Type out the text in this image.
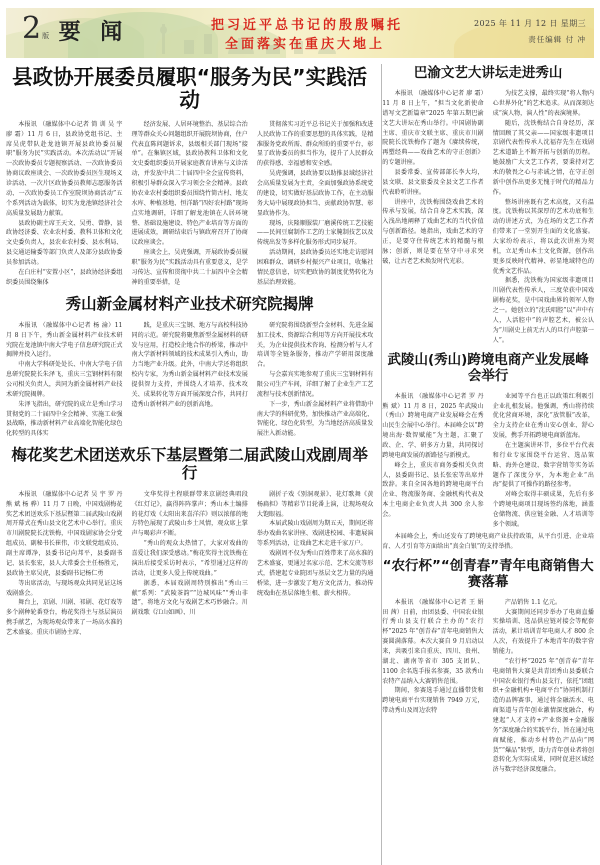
2 版 要 闻	把习近平总书记的殷殷嘱托
全面落实在重庆大地上
2025 年 11 月 12 日 星期三
责任编辑 付 冲
县政协开展委员履职“服务为民”实践活动

本报讯 （融媒体中心记者 简 训 吴 宇 廖 霜）11 月 6 日，县政协党组书记、主席吴虎带队赴龙池镇开展县政协委员履职“服务为民”实践活动。本次活动以“开展一次政协委员专题视察活动、一次政协委员协商议政座谈会、一次政协委员医生现场义诊活动、一次片区政协委员教师志愿服务活动、一次政协委员工作室院坝协商活动”五个系列活动为载体，切实为龙池镇经济社会高质量发展助力献策。

县政协副主席王天文、吴勇、曾静，县政协经济委、农业农村委、教科卫体和文化文史委负责人，县农业农村委、县水利局、县交通运输委等部门负责人及部分县政协委员参加活动。

在白庄村“安置小区”，县政协经济委组织委员围绕集体

经济发展、人居环境整治、基层综合治理等群众关心问题组织开展院坝协商，住户代表直陈问题诉求，县级相关部门现场“接单”。在集镇区域，县政协教科卫体和文化文史委组织委员开展家庭教育讲座与义诊活动，并发放中共二十届四中全会宣传资料，积极引导群众深入学习领会全会精神。县政协农业农村委组织委员围绕竹简古村、地友水库、种植基地、恒洋路“四好农村路”现场点实地调研，详细了解龙池镇在人居环境整、基础设施建设、特色产业培育等方面的进展成效，调研结束后与镇政府召开了协商议政座谈会。

座谈会上，吴虎强调，开展政协委员履职“服务为民”实践活动具有重要意义，是学习传达、宣传和贯彻中共二十届四中全会精神的重要举措，是

贯彻落实习近平总书记关于加强和改进人民政协工作的重要思想的具体实践，是精准服务党政所需、群众所盼的重要平台，彰显了政协委员的担当作为，提升了人民群众的获得感、幸福感和安全感。

吴虎强调，县政协要以助推县域经济社会高质量发展为主责，全面加强政协系统党的建设，切实做好基层政协工作，在主动服务大局中展现政协担当、贡献政协智慧、彰显政协作为。

现场，庆隆顺服装厂磨溪传统工艺技能——民间豆腐制作工艺的土家腌制技艺以及传统出发等多样化服务形式同步展开。

活动期间，县政协委员还实地走访慰问困难群众、调研乡村振兴产业项目，收集社情民意信息，切实把政协的制度优势转化为基层治理效能。

秀山新金属材料产业技术研究院揭牌

本报讯 （融媒体中心记者 杨 渝）11 月 8 日下午，秀山新金属材料产业技术研究院在龙池镇中南大学电子信息研究院正式揭牌并投入运行。

中南大学科研处处长、中南大学电子信息研究院院长朱泽飞，重庆三宝钢材料有限公司相关负责人，共同为新金属材料产业技术研究院揭牌。

朱泽飞指出，研究院的成立是秀山学习贯彻党的二十届四中全会精神、实施工业强县战略，推动新材料产业高端化智能化绿色化转型的具体实

践，是重庆三宝钢、地方与高校科技协同的示范。研究院将聚焦新型金属材料的研发与应用，打造校企地合作的桥梁，推动中南大学新材料领域的技术成果引入秀山，助力当地产业升级。此外，中南大学还将组织校内专家，为秀山新金属材料产业技术发展提供智力支持，并围绕人才培养、技术攻关、成果转化等方面开展深度合作，共同打造秀山新材料产业的创新高地。

研究院将围绕新型合金材料、先进金属加工技术、资源综合利用等方向开展技术攻关，为企业提供技术咨询、检测分析与人才培训等全链条服务，推动产学研用深度融合。

与会嘉宾实地参观了重庆三宝钢材料有限公司生产车间，详细了解了企业生产工艺流程与技术创新情况。

下一步，秀山新金属材料产业将借助中南大学的科研优势，加快推动产业高端化、智能化、绿色化转型，为当地经济高质量发展注入新动能。

梅花奖艺术团送欢乐下基层暨第二届武陵山戏剧周举行

本报讯 （融媒体中心记者 吴 宇 罗 丹 熊 斌 杨 骅）11 月 7 日晚，中国戏剧梅花奖艺术团送欢乐下基层暨第二届武陵山戏剧周开幕式在秀山县文化艺术中心举行。重庆市川剧院院长沈铁梅，中国戏剧家协会分党组成员、副秘书长崔伟，市文联党组成员、副主席谭净，县委书记向邦平，县委副书记、县长张宏，县人大常委会主任杨胜元，县政协主席吴虎，县委副书记杨仁勇

等出席活动，与现场观众共同见证这场戏剧盛会。

舞台上，京剧、川剧、祁剧、花灯戏等多个剧种轮番登台，梅花奖得主与基层演员携手献艺，为现场观众带来了一场高水准的艺术盛宴。重庆市剧协主席、

文华奖得主程联群带来京剧经典唱段《红灯记》，赢得阵阵掌声；秀山本土编排的花灯戏《太阳出来喜洋洋》则以浓郁的地方特色展现了武陵山乡土风情，观众席上掌声与喝彩声不断。

“秀山的观众太热情了，大家对戏曲的喜爱让我们深受感动。”梅花奖得主沈铁梅在演出后接受采访时表示，“希望通过这样的活动，让更多人爱上传统戏曲。”

据悉，本届戏剧周特别推出“秀山三献”系列：“武陵茶韵”“边城风味”“秀山非遗”，将地方文化与戏剧艺术巧妙融合。川剧戏歌《江山如画》、川

剧折子戏《别洞观景》、花灯歌舞《黄杨扁担》等精彩节目轮番上演，让现场观众大饱眼福。

本届武陵山戏剧周为期五天，期间还将举办戏曲名家讲座、戏剧进校园、非遗展演等系列活动，让戏曲艺术走进千家万户。

戏剧周不仅为秀山百姓带来了高水准的艺术盛宴，更通过名家示范、艺术交流等形式，搭建起专业院团与基层文艺力量的沟通桥梁，进一步激发了地方文化活力，推动传统戏曲在基层落地生根、薪火相传。

巴渝文艺大讲坛走进秀山

本报讯 （融媒体中心记者 廖 霜）11 月 8 日上午，“担当文化新使命 谱写文艺新篇章”2025 年第五期巴渝文艺大讲坛在秀山举行。中国剧协副主席、重庆市文联主席、重庆市川剧院院长沈铁梅作了题为《赓续传统，再塑经典——戏曲艺术的守正创新》的专题讲座。

县委常委、宣传部部长李大均，县文联、县文旅委及全县文艺工作者代表聆听讲座。

讲座中，沈铁梅围绕戏曲艺术的传承与发展，结合自身艺术实践，深入浅出地阐释了戏曲艺术的当代价值与创新路径。她指出，戏曲艺术的守正，是要守住传统艺术的精髓与根脉；创新，则是要在坚守中寻求突破，让古老艺术焕发时代光彩。

为技艺支撑，最终实现“将人物内心世界外化”的艺术追求。从而深刻达成“演人物，演人性”的表演境界。

随后，沈铁梅结合自身经历，深情回顾了其父亲——国家级非遗项目京剧代表性传承人沈福存先生在戏剧艺术道路上不断开拓与创新的历程。她鼓励广大文艺工作者，要秉持对艺术的敬畏之心与赤诚之情，在守正创新中创作出更多无愧于时代的精品力作。

整场讲座既有艺术高度，又有温度。沈铁梅以其深厚的艺术功底和生动的讲述方式，为在场的文艺工作者们带来了一堂别开生面的文化盛宴。大家纷纷表示，将以此次讲座为契机，立足秀山本土文化资源，创作出更多反映时代精神、彰显地域特色的优秀文艺作品。

据悉，沈铁梅为国家级非遗项目川剧代表性传承人，三度荣获中国戏剧梅花奖，是中国戏曲界的领军人物之一。她创立的“沈氏唱腔”以“声中有人，人活腔中”的声腔艺术，被公认为“川剧史上前无古人的旦行声腔第一人”。

武陵山(秀山)跨境电商产业发展峰会举行

本报讯 （融媒体中心记者 罗 丹 熊 斌）11 月 8 日，2025 年武陵山（秀山）跨境电商产业发展峰会在秀山民生会展中心举行。本届峰会以“跨境出海·数智赋能”为主题，汇聚了政、企、学、研多方力量，共同探讨跨境电商发展的新路径与新模式。

峰会上，重庆市商务委相关负责人，县委副书记、县长张宏等出席并致辞。来自全国各地的跨境电商平台企业、物流服务商、金融机构代表及本土电商企业负责人共 300 余人参会。

业园等平台也正以政策红利吸引企业扎根发展。他强调，秀山将持续优化营商环境，深化“放管服”改革，全力支持企业在秀山安心创业、舒心发展，携手开拓跨境电商新蓝海。

在主题演讲环节，多位平台代表和行业专家围绕平台运营、选品策略、海外仓建设、数字营销等实务话题作了深度分享，为本地企业“出海”提供了可操作的路径参考。

对峰会取得丰硕成果，先后有多个跨境电商项目现场签约落地，涵盖仓储物流、供应链金融、人才培训等多个领域。

本届峰会上，秀山还发布了跨境电商产业扶持政策，从平台引进、企业培育、人才引育等方面给出“真金白银”的支持举措。

“农行杯”“创青春”青年电商销售大赛落幕

本报讯 （融媒体中心记者 王 娟 田 茜）日前，由团县委、中国农业银行秀山县支行联合主办的“农行杯”2025 年“创青春”青年电商销售大赛圆满落幕。本次大赛自 9 月启动以来，共吸引来自重庆、四川、贵州、湖北、湖南等省市 305 支团队、1100 余名选手报名参赛，35 款秀山农特产品纳入大赛销售范围。

期间，参赛选手通过直播带货和跨境电商平台实现销售 7949 万元，带动秀山及周边农特

产品销售 1.1 亿元。

大赛期间还同步举办了电商直播实操培训、选品供应链对接会等配套活动，累计培训青年电商人才 800 余人次，有效提升了本地青年的数字营销能力。

“农行杯”2025 年“创青春”青年电商销售大赛是共青团秀山县委联合中国农业银行秀山县支行，依托“团组织+金融机构+电商平台”协同机制打造的品牌赛事，通过将金融活水、电商渠道与青年创业激情深度融合，构建起“人才支持+产业资源+金融服务”深度融合的实践平台，旨在通过电商赋能，推动乡村特色产品向“网货”“爆品”转型，助力青年创业者将创意转化为实际成果，同时促进区域经济与数字经济深度融合。
